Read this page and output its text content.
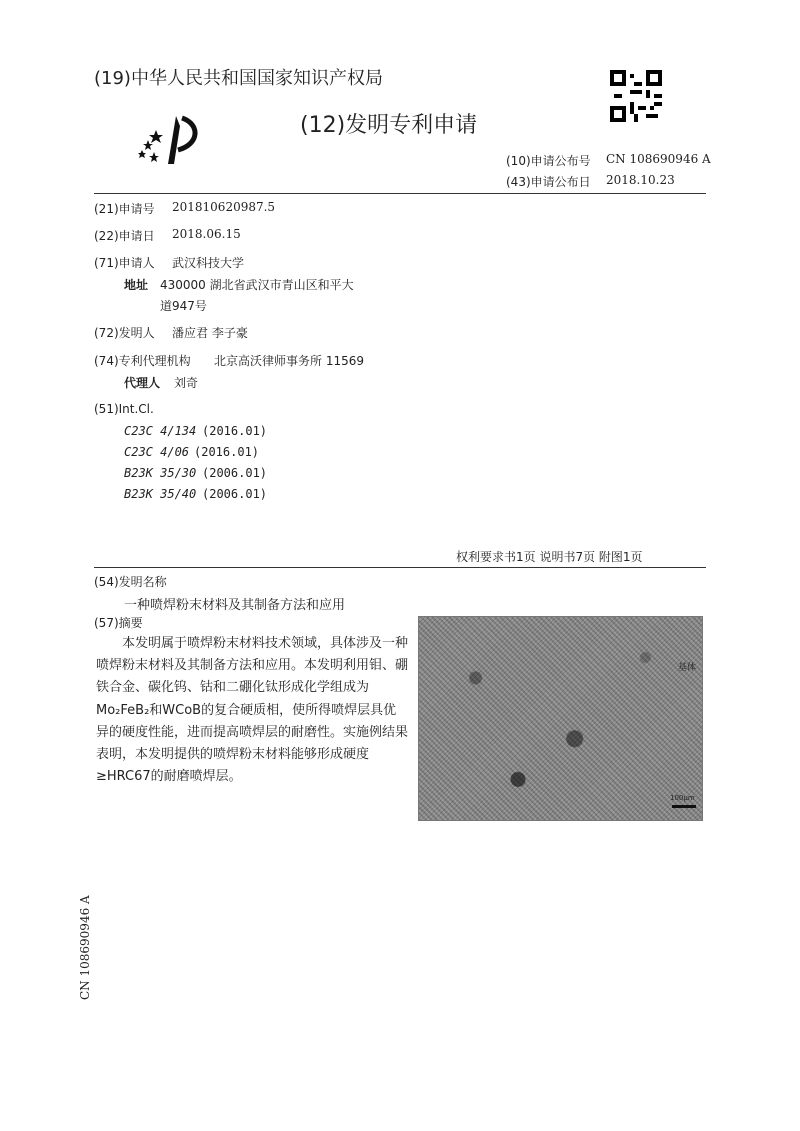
(19)中华人民共和国国家知识产权局
(12)发明专利申请
(10)申请公布号 CN 108690946 A
(43)申请公布日 2018.10.23
(21)申请号 201810620987.5
(22)申请日 2018.06.15
(71)申请人 武汉科技大学
地址 430000 湖北省武汉市青山区和平大
道947号
(72)发明人 潘应君 李子豪
(74)专利代理机构 北京高沃律师事务所 11569
代理人 刘奇
(51)Int.Cl.
C23C 4/134 (2016.01)
C23C 4/06 (2016.01)
B23K 35/30 (2006.01)
B23K 35/40 (2006.01)
权利要求书1页 说明书7页 附图1页
(54)发明名称
一种喷焊粉末材料及其制备方法和应用
(57)摘要
本发明属于喷焊粉末材料技术领域，具体涉及一种喷焊粉末材料及其制备方法和应用。本发明利用钼、硼铁合金、碳化钨、钴和二硼化钛形成化学组成为Mo₂FeB₂和WCoB的复合硬质相，使所得喷焊层具优异的硬度性能，进而提高喷焊层的耐磨性。实施例结果表明，本发明提供的喷焊粉末材料能够形成硬度≥HRC67的耐磨喷焊层。
基体
100μm
CN 108690946 A
